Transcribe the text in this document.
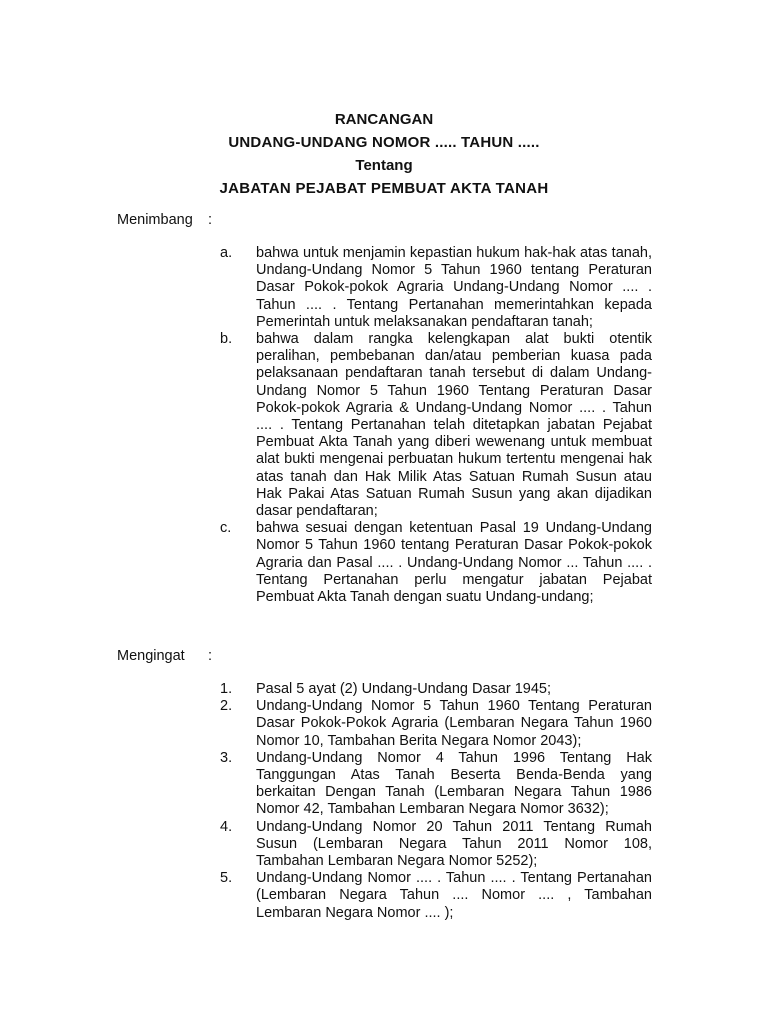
RANCANGAN
UNDANG-UNDANG NOMOR ..... TAHUN .....
Tentang
JABATAN PEJABAT PEMBUAT AKTA TANAH
Menimbang :
a. bahwa untuk menjamin kepastian hukum hak-hak atas tanah, Undang-Undang Nomor 5 Tahun 1960 tentang Peraturan Dasar Pokok-pokok Agraria Undang-Undang Nomor .... . Tahun .... . Tentang Pertanahan memerintahkan kepada Pemerintah untuk melaksanakan pendaftaran tanah;
b. bahwa dalam rangka kelengkapan alat bukti otentik peralihan, pembebanan dan/atau pemberian kuasa pada pelaksanaan pendaftaran tanah tersebut di dalam Undang-Undang Nomor 5 Tahun 1960 Tentang Peraturan Dasar Pokok-pokok Agraria & Undang-Undang Nomor .... . Tahun .... . Tentang Pertanahan telah ditetapkan jabatan Pejabat Pembuat Akta Tanah yang diberi wewenang untuk membuat alat bukti mengenai perbuatan hukum tertentu mengenai hak atas tanah dan Hak Milik Atas Satuan Rumah Susun atau Hak Pakai Atas Satuan Rumah Susun yang akan dijadikan dasar pendaftaran;
c. bahwa sesuai dengan ketentuan Pasal 19 Undang-Undang Nomor 5 Tahun 1960 tentang Peraturan Dasar Pokok-pokok Agraria dan Pasal .... . Undang-Undang Nomor ... Tahun .... . Tentang Pertanahan perlu mengatur jabatan Pejabat Pembuat Akta Tanah dengan suatu Undang-undang;
Mengingat :
1. Pasal 5 ayat (2) Undang-Undang Dasar 1945;
2. Undang-Undang Nomor 5 Tahun 1960 Tentang Peraturan Dasar Pokok-Pokok Agraria (Lembaran Negara Tahun 1960 Nomor 10, Tambahan Berita Negara Nomor 2043);
3. Undang-Undang Nomor 4 Tahun 1996 Tentang Hak Tanggungan Atas Tanah Beserta Benda-Benda yang berkaitan Dengan Tanah (Lembaran Negara Tahun 1986 Nomor 42, Tambahan Lembaran Negara Nomor 3632);
4. Undang-Undang Nomor 20 Tahun 2011 Tentang Rumah Susun (Lembaran Negara Tahun 2011 Nomor 108, Tambahan Lembaran Negara Nomor 5252);
5. Undang-Undang Nomor .... . Tahun .... . Tentang Pertanahan (Lembaran Negara Tahun .... Nomor .... , Tambahan Lembaran Negara Nomor .... );
